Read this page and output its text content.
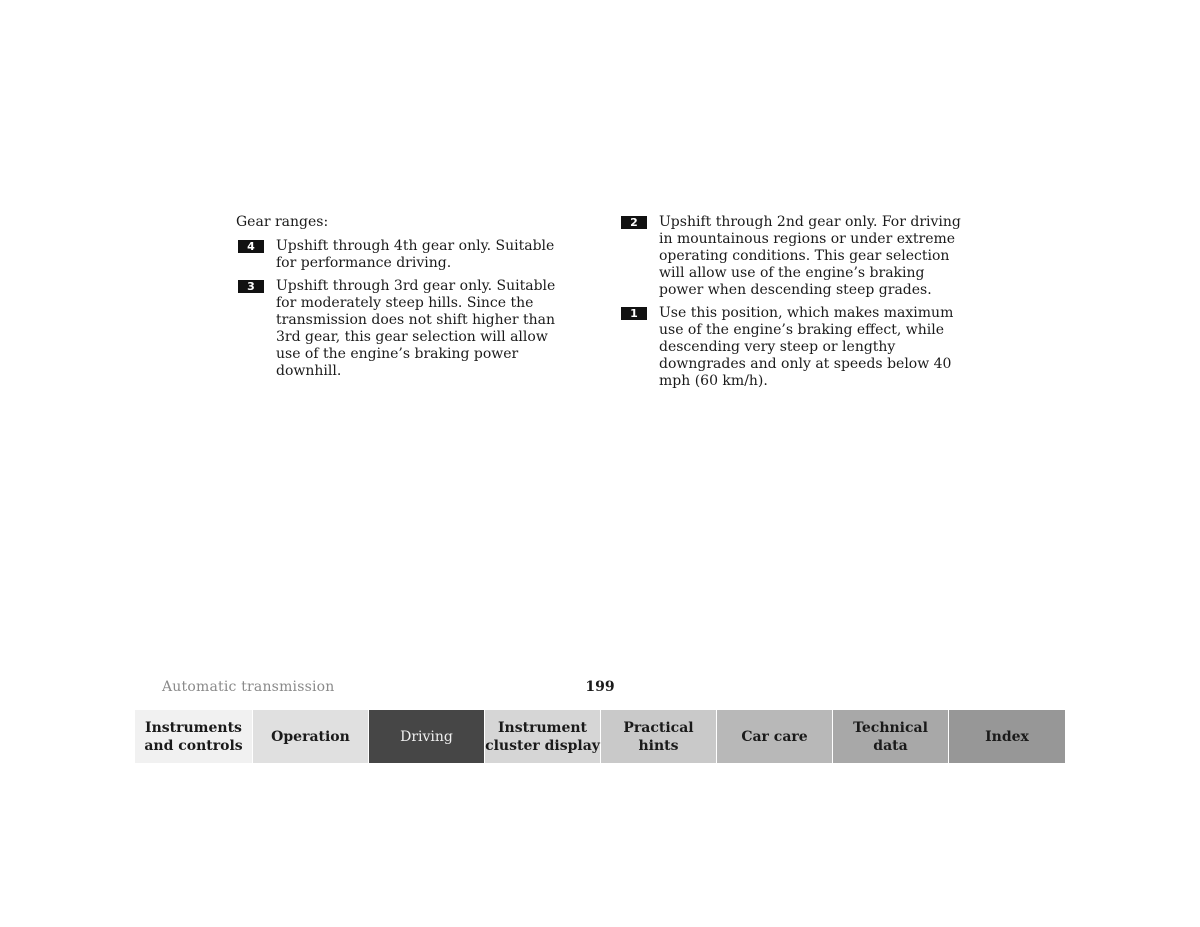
Gear ranges:

4	Upshift through 4th gear only. Suitable for performance driving.
3	Upshift through 3rd gear only. Suitable for moderately steep hills. Since the transmission does not shift higher than 3rd gear, this gear selection will allow use of the engine’s braking power downhill.
2	Upshift through 2nd gear only. For driving in mountainous regions or under extreme operating conditions. This gear selection will allow use of the engine’s braking power when descending steep grades.
1	Use this position, which makes maximum use of the engine’s braking effect, while descending very steep or lengthy downgrades and only at speeds below 40 mph (60 km/h).
Automatic transmission	199
Instruments
and controls
Operation	Driving
Instrument
cluster display
Practical hints
Car care
Technical
data
Index
